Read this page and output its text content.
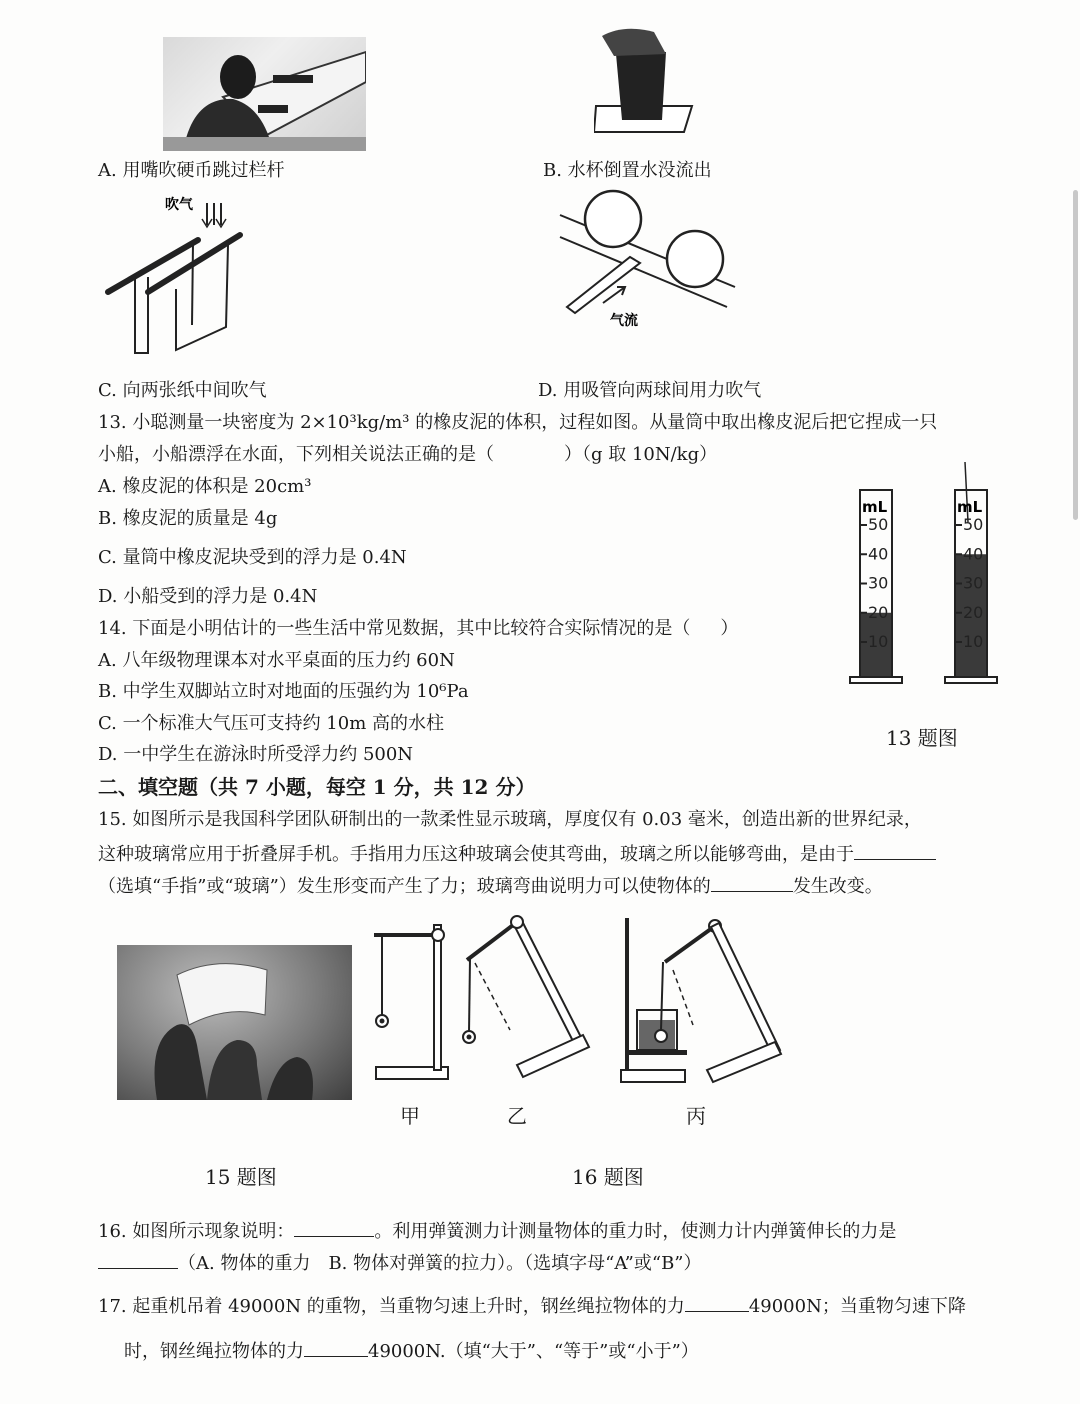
A. 用嘴吹硬币跳过栏杆	B. 水杯倒置水没流出
吹气
C. 向两张纸中间吹气
气流
D. 用吸管向两球间用力吹气
13. 小聪测量一块密度为 2×10³kg/m³ 的橡皮泥的体积，过程如图。从量筒中取出橡皮泥后把它捏成一只
小船，小船漂浮在水面，下列相关说法正确的是（	）（g 取 10N/kg）
A. 橡皮泥的体积是 20cm³
B. 橡皮泥的质量是 4g
C. 量筒中橡皮泥块受到的浮力是 0.4N
D. 小船受到的浮力是 0.4N
mL
50
40
30
20
10
mL
50
40
30
20
10
13 题图
14. 下面是小明估计的一些生活中常见数据，其中比较符合实际情况的是（ ）
A. 八年级物理课本对水平桌面的压力约 60N
B. 中学生双脚站立时对地面的压强约为 10⁶Pa
C. 一个标准大气压可支持约 10m 高的水柱
D. 一中学生在游泳时所受浮力约 500N
二、填空题（共 7 小题，每空 1 分，共 12 分）
15. 如图所示是我国科学团队研制出的一款柔性显示玻璃，厚度仅有 0.03 毫米，创造出新的世界纪录，
这种玻璃常应用于折叠屏手机。手指用力压这种玻璃会使其弯曲，玻璃之所以能够弯曲，是由于
（选填“手指”或“玻璃”）发生形变而产生了力；玻璃弯曲说明力可以使物体的	发生改变。
15 题图
甲	乙	丙
16 题图
16. 如图所示现象说明：	。利用弹簧测力计测量物体的重力时，使测力计内弹簧伸长的力是
（A. 物体的重力　B. 物体对弹簧的拉力）。（选填字母“A”或“B”）
17. 起重机吊着 49000N 的重物，当重物匀速上升时，钢丝绳拉物体的力	49000N；当重物匀速下降
时，钢丝绳拉物体的力	49000N.（填“大于”、“等于”或“小于”）
